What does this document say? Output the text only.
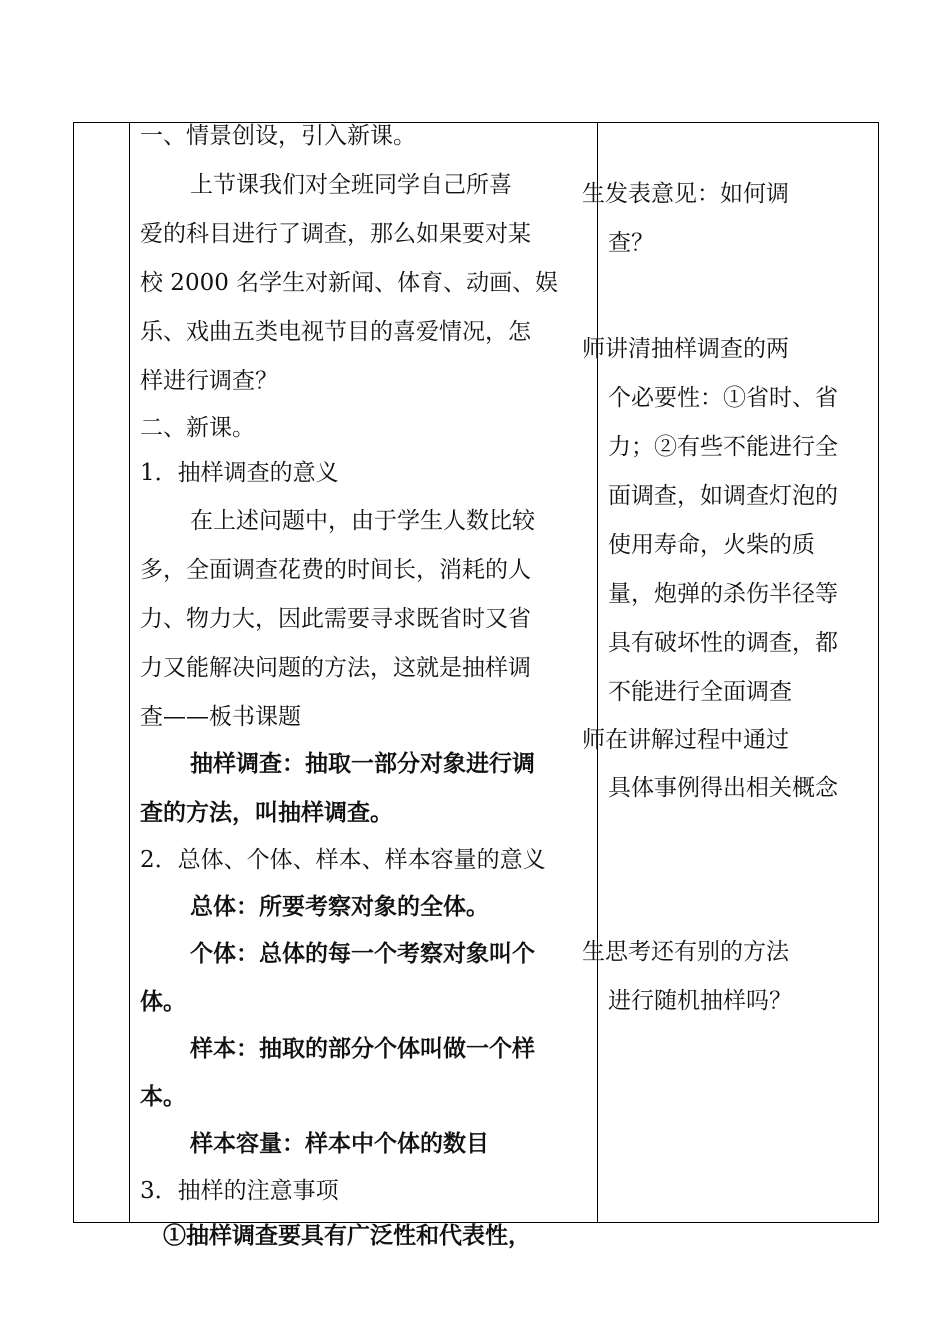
一、情景创设，引入新课。
上节课我们对全班同学自己所喜
爱的科目进行了调查，那么如果要对某
校 2000 名学生对新闻、体育、动画、娱
乐、戏曲五类电视节目的喜爱情况，怎
样进行调查？
二、新课。
1．抽样调查的意义
在上述问题中，由于学生人数比较
多，全面调查花费的时间长，消耗的人
力、物力大，因此需要寻求既省时又省
力又能解决问题的方法，这就是抽样调
查——板书课题
抽样调查：抽取一部分对象进行调
查的方法，叫抽样调查。
2．总体、个体、样本、样本容量的意义
总体：所要考察对象的全体。
个体：总体的每一个考察对象叫个
体。
样本：抽取的部分个体叫做一个样
本。
样本容量：样本中个体的数目
3．抽样的注意事项
生发表意见：如何调
查？
师讲清抽样调查的两
个必要性：①省时、省
力；②有些不能进行全
面调查，如调查灯泡的
使用寿命，火柴的质
量，炮弹的杀伤半径等
具有破坏性的调查，都
不能进行全面调查
师在讲解过程中通过
具体事例得出相关概念
生思考还有别的方法
进行随机抽样吗？
①抽样调查要具有广泛性和代表性，
